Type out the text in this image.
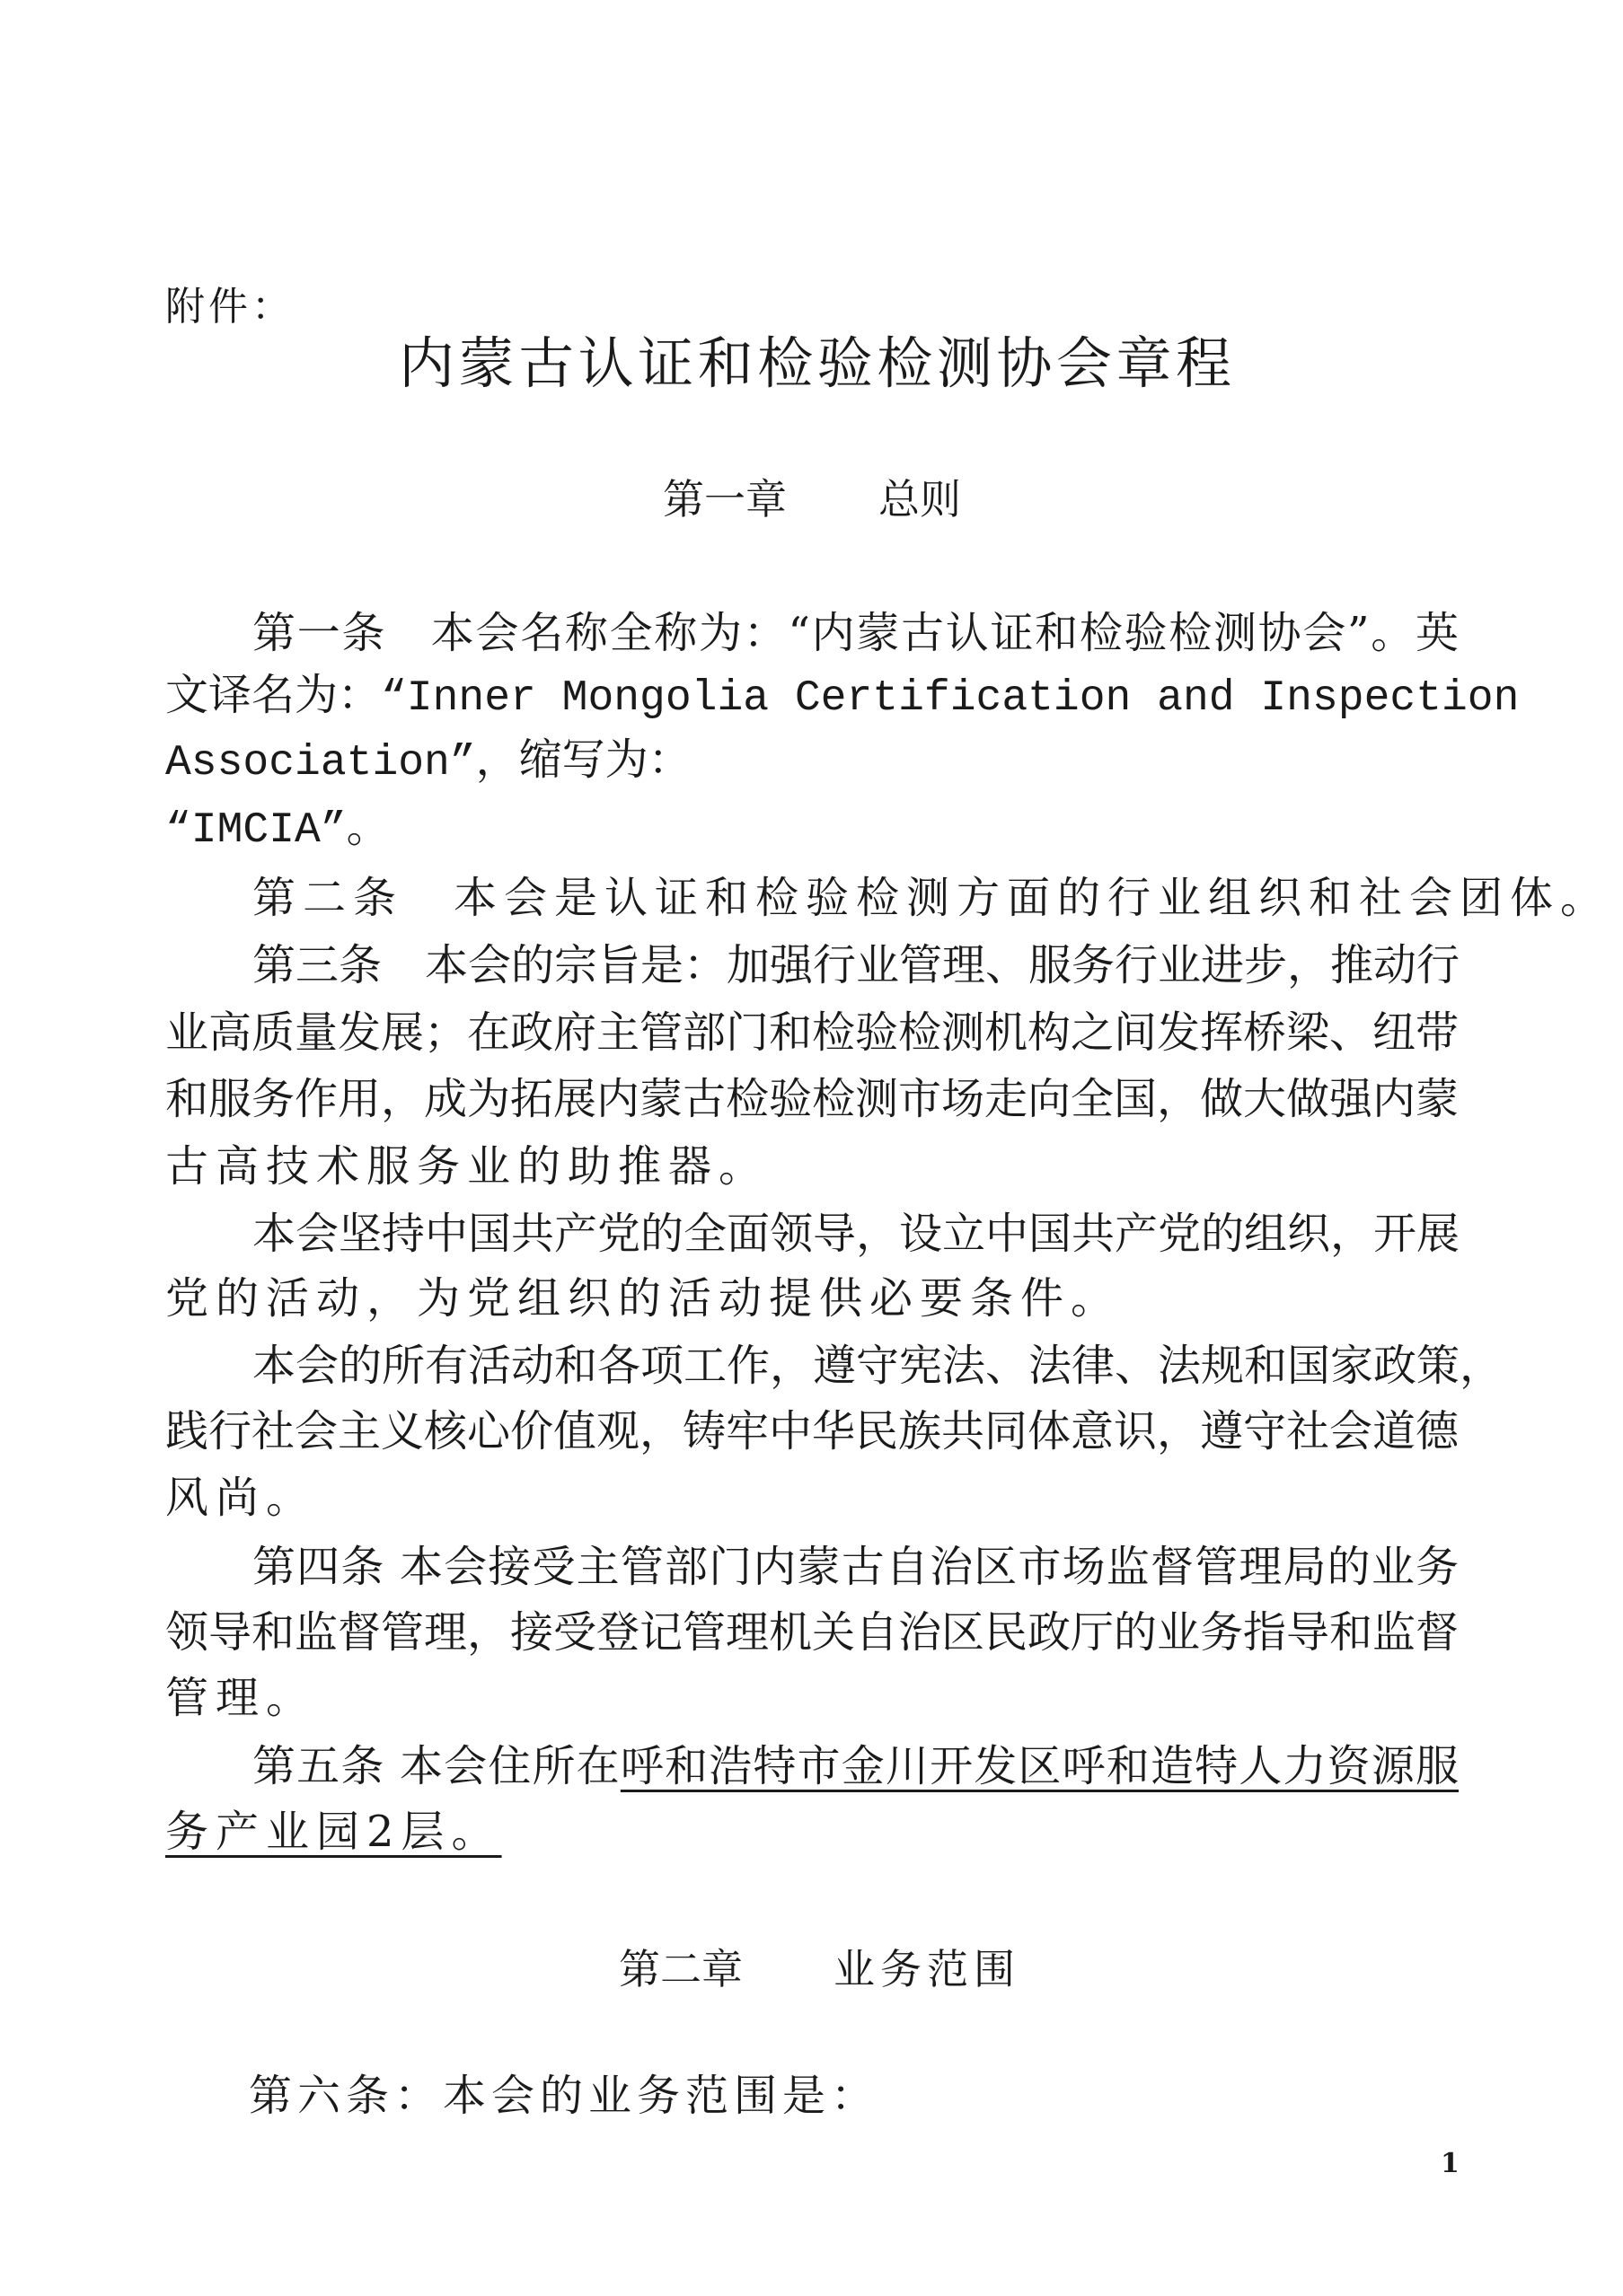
附件：
内蒙古认证和检验检测协会章程
第一章 总则
第一条　本会名称全称为：“内蒙古认证和检验检测协会”。英
文译名为：“Inner Mongolia Certification and Inspection
Association”，缩写为：
“IMCIA”。
第二条　本会是认证和检验检测方面的行业组织和社会团体。
第三条　本会的宗旨是：加强行业管理、服务行业进步，推动行
业高质量发展；在政府主管部门和检验检测机构之间发挥桥梁、纽带
和服务作用，成为拓展内蒙古检验检测市场走向全国，做大做强内蒙
古高技术服务业的助推器。
本会坚持中国共产党的全面领导，设立中国共产党的组织，开展
党的活动，为党组织的活动提供必要条件。
本会的所有活动和各项工作，遵守宪法、法律、法规和国家政策，
践行社会主义核心价值观，铸牢中华民族共同体意识，遵守社会道德
风尚。
第四条 本会接受主管部门内蒙古自治区市场监督管理局的业务
领导和监督管理，接受登记管理机关自治区民政厅的业务指导和监督
管理。
第五条 本会住所在呼和浩特市金川开发区呼和造特人力资源服
务产业园2层。
第二章 业务范围
第六条：本会的业务范围是：
1
